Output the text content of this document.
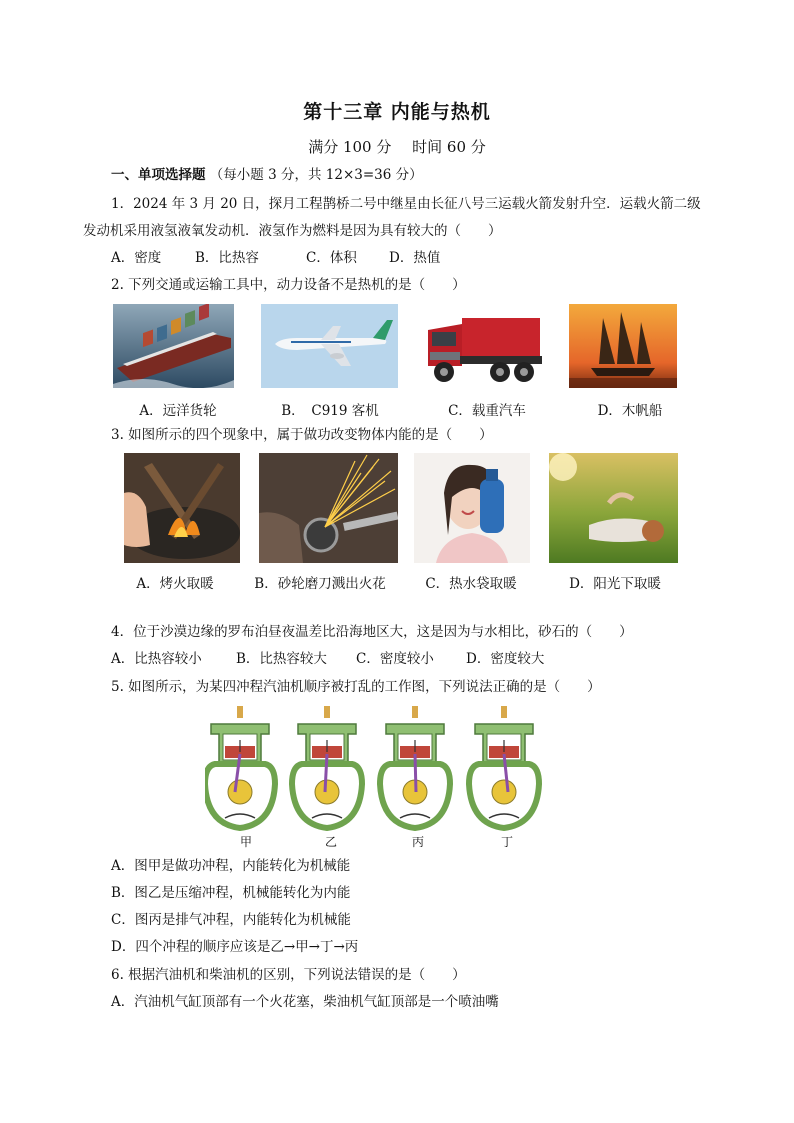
第十三章 内能与热机
满分 100 分 时间 60 分
一、单项选择题 （每小题 3 分，共 12×3=36 分）
1．2024 年 3 月 20 日，探月工程鹊桥二号中继星由长征八号三运载火箭发射升空．运载火箭二级
发动机采用液氢液氧发动机．液氢作为燃料是因为具有较大的（　　）
A．密度	B．比热容	C．体积 D．热值
2. 下列交通或运输工具中，动力设备不是热机的是（　　）
A．远洋货轮	B．　C919 客机	C．载重汽车	D．木帆船
3. 如图所示的四个现象中，属于做功改变物体内能的是（　　）
A．烤火取暖	B．砂轮磨刀溅出火花	C．热水袋取暖	D．阳光下取暖
4．位于沙漠边缘的罗布泊昼夜温差比沿海地区大，这是因为与水相比，砂石的（　　）
A．比热容较小	B．比热容较大 C．密度较小 D．密度较大
5. 如图所示，为某四冲程汽油机顺序被打乱的工作图，下列说法正确的是（　　）
甲	乙	丙	丁
A．图甲是做功冲程，内能转化为机械能
B．图乙是压缩冲程，机械能转化为内能
C．图丙是排气冲程，内能转化为机械能
D．四个冲程的顺序应该是乙→甲→丁→丙
6. 根据汽油机和柴油机的区别，下列说法错误的是（　　）
A．汽油机气缸顶部有一个火花塞，柴油机气缸顶部是一个喷油嘴
